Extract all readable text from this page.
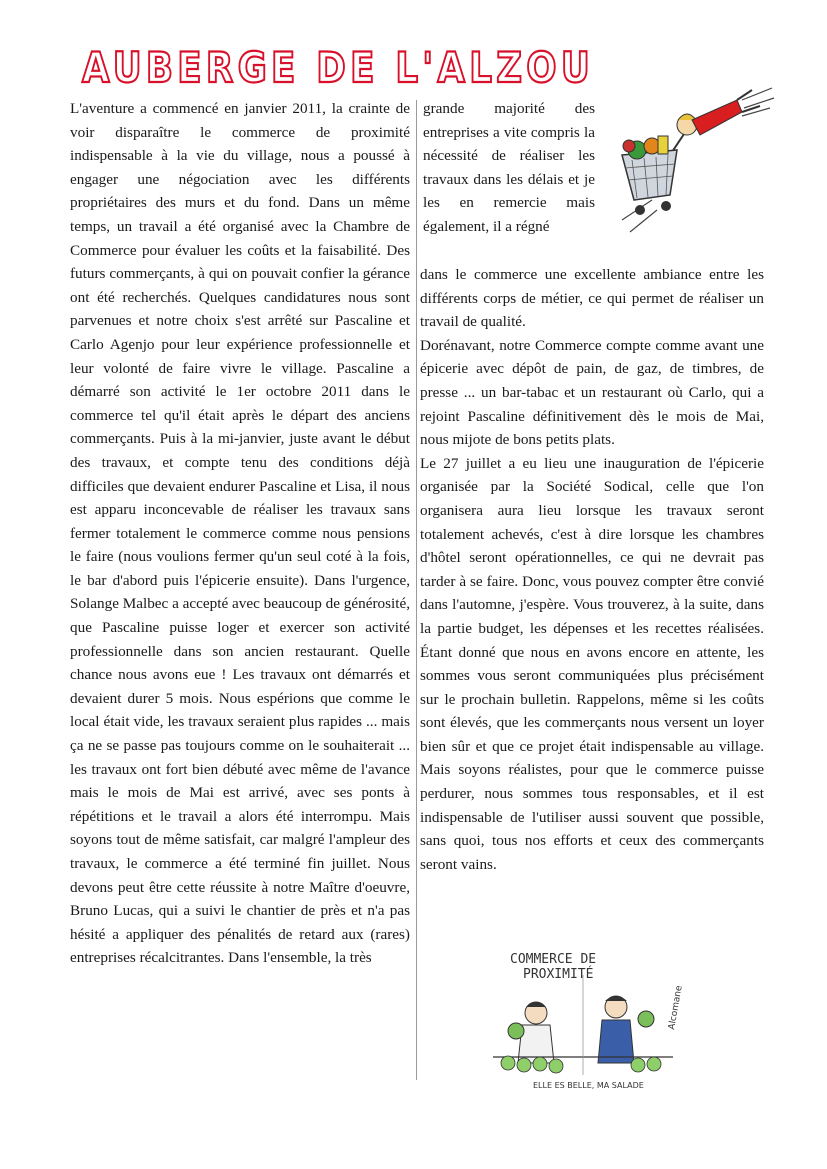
AUBERGE DE L'ALZOU

L'aventure a commencé en janvier 2011, la crainte de voir disparaître le commerce de proximité indispensable à la vie du village, nous a poussé à engager une négociation avec les différents propriétaires des murs et du fond. Dans un même temps, un travail a été organisé avec la Chambre de Commerce pour évaluer les coûts et la faisabilité. Des futurs commerçants, à qui on pouvait confier la gérance ont été recherchés. Quelques candidatures nous sont parvenues et notre choix s'est arrêté sur Pascaline et Carlo Agenjo pour leur expérience professionnelle et leur volonté de faire vivre le village. Pascaline a démarré son activité le 1er octobre 2011 dans le commerce tel qu'il était après le départ des anciens commerçants. Puis à la mi-janvier, juste avant le début des travaux, et compte tenu des conditions déjà difficiles que devaient endurer Pascaline et Lisa, il nous est apparu inconcevable de réaliser les travaux sans fermer totalement le commerce comme nous pensions le faire (nous voulions fermer qu'un seul coté à la fois, le bar d'abord puis l'épicerie ensuite). Dans l'urgence, Solange Malbec a accepté avec beaucoup de générosité, que Pascaline puisse loger et exercer son activité professionnelle dans son ancien restaurant. Quelle chance nous avons eue ! Les travaux ont démarrés et devaient durer 5 mois. Nous espérions que comme le local était vide, les travaux seraient plus rapides ... mais ça ne se passe pas toujours comme on le souhaiterait ... les travaux ont fort bien débuté avec même de l'avance mais le mois de Mai est arrivé, avec ses ponts à répétitions et le travail a alors été interrompu. Mais soyons tout de même satisfait, car malgré l'ampleur des travaux, le commerce a été terminé fin juillet. Nous devons peut être cette réussite à notre Maître d'oeuvre, Bruno Lucas, qui a suivi le chantier de près et n'a pas hésité a appliquer des pénalités de retard aux (rares) entreprises récalcitrantes. Dans l'ensemble, la très

grande majorité des entreprises a vite compris la nécessité de réaliser les travaux dans les délais et je les en remercie mais également, il a régné

dans le commerce une excellente ambiance entre les différents corps de métier, ce qui permet de réaliser un travail de qualité.

Dorénavant, notre Commerce compte comme avant une épicerie avec dépôt de pain, de gaz, de timbres, de presse ... un bar-tabac et un restaurant où Carlo, qui a rejoint Pascaline définitivement dès le mois de Mai, nous mijote de bons petits plats.

Le 27 juillet a eu lieu une inauguration de l'épicerie organisée par la Société Sodical, celle que l'on organisera aura lieu lorsque les travaux seront totalement achevés, c'est à dire lorsque les chambres d'hôtel seront opérationnelles, ce qui ne devrait pas tarder à se faire. Donc, vous pouvez compter être convié dans l'automne, j'espère. Vous trouverez, à la suite, dans la partie budget, les dépenses et les recettes réalisées. Étant donné que nous en avons encore en attente, les sommes vous seront communiquées plus précisément sur le prochain bulletin. Rappelons, même si les coûts sont élevés, que les commerçants nous versent un loyer bien sûr et que ce projet était indispensable au village. Mais soyons réalistes, pour que le commerce puisse perdurer, nous sommes tous responsables, et il est indispensable de l'utiliser aussi souvent que possible, sans quoi, tous nos efforts et ceux des commerçants seront vains.

COMMERCE DE
PROXIMITÉ
Alcomane
ELLE ES BELLE, MA SALADE
